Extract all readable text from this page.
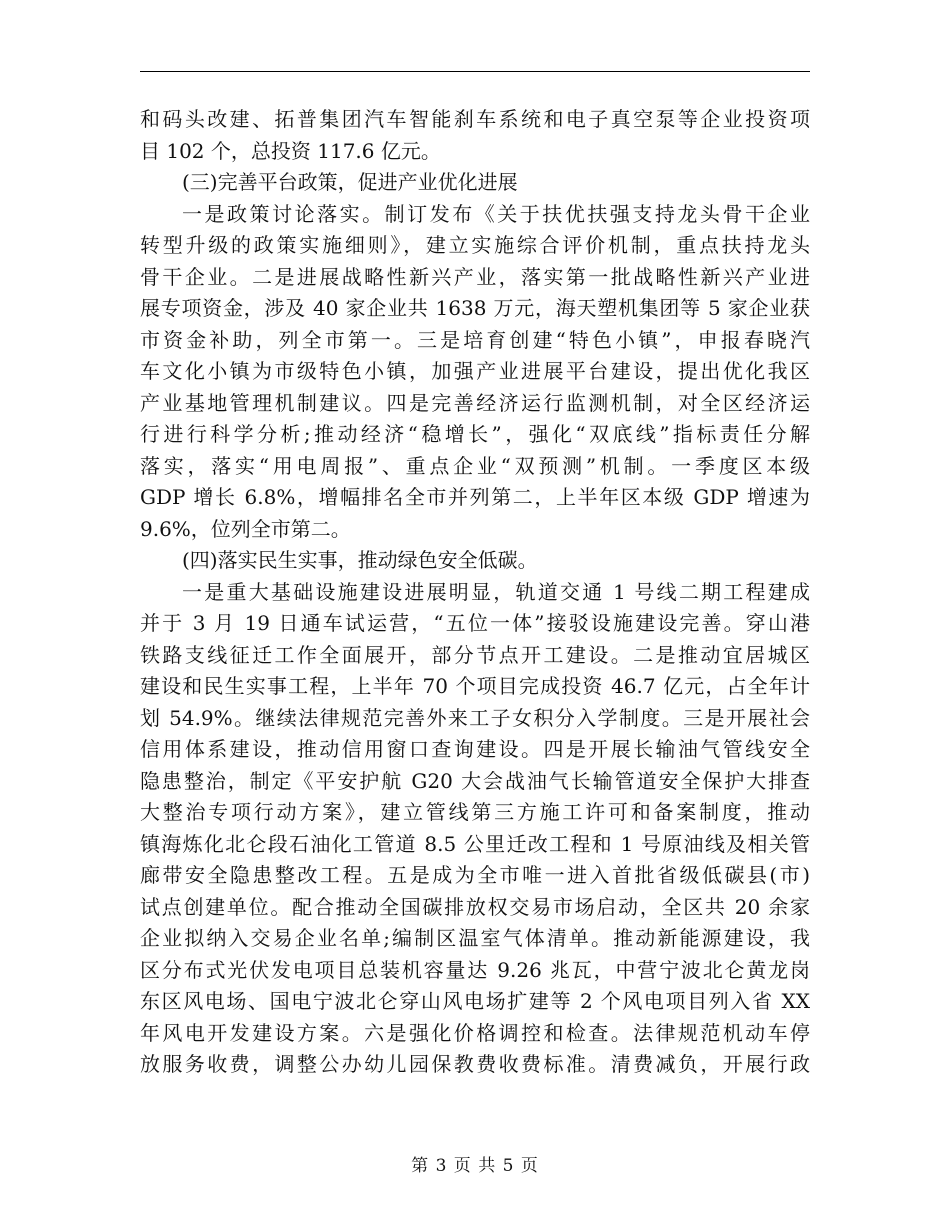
和码头改建、拓普集团汽车智能刹车系统和电子真空泵等企业投资项
目 102 个，总投资 117.6 亿元。
(三)完善平台政策，促进产业优化进展
一是政策讨论落实。制订发布《关于扶优扶强支持龙头骨干企业
转型升级的政策实施细则》，建立实施综合评价机制，重点扶持龙头
骨干企业。二是进展战略性新兴产业，落实第一批战略性新兴产业进
展专项资金，涉及 40 家企业共 1638 万元，海天塑机集团等 5 家企业获
市资金补助，列全市第一。三是培育创建“特色小镇”，申报春晓汽
车文化小镇为市级特色小镇，加强产业进展平台建设，提出优化我区
产业基地管理机制建议。四是完善经济运行监测机制，对全区经济运
行进行科学分析;推动经济“稳增长”，强化“双底线”指标责任分解
落实，落实“用电周报”、重点企业“双预测”机制。一季度区本级
GDP 增长 6.8%，增幅排名全市并列第二，上半年区本级 GDP 增速为
9.6%，位列全市第二。
(四)落实民生实事，推动绿色安全低碳。
一是重大基础设施建设进展明显，轨道交通 1 号线二期工程建成
并于 3 月 19 日通车试运营，“五位一体”接驳设施建设完善。穿山港
铁路支线征迁工作全面展开，部分节点开工建设。二是推动宜居城区
建设和民生实事工程，上半年 70 个项目完成投资 46.7 亿元，占全年计
划 54.9%。继续法律规范完善外来工子女积分入学制度。三是开展社会
信用体系建设，推动信用窗口查询建设。四是开展长输油气管线安全
隐患整治，制定《平安护航 G20 大会战油气长输管道安全保护大排查
大整治专项行动方案》，建立管线第三方施工许可和备案制度，推动
镇海炼化北仑段石油化工管道 8.5 公里迁改工程和 1 号原油线及相关管
廊带安全隐患整改工程。五是成为全市唯一进入首批省级低碳县(市)
试点创建单位。配合推动全国碳排放权交易市场启动，全区共 20 余家
企业拟纳入交易企业名单;编制区温室气体清单。推动新能源建设，我
区分布式光伏发电项目总装机容量达 9.26 兆瓦，中营宁波北仑黄龙岗
东区风电场、国电宁波北仑穿山风电场扩建等 2 个风电项目列入省 XX
年风电开发建设方案。六是强化价格调控和检查。法律规范机动车停
放服务收费，调整公办幼儿园保教费收费标准。清费减负，开展行政
第 3 页 共 5 页
